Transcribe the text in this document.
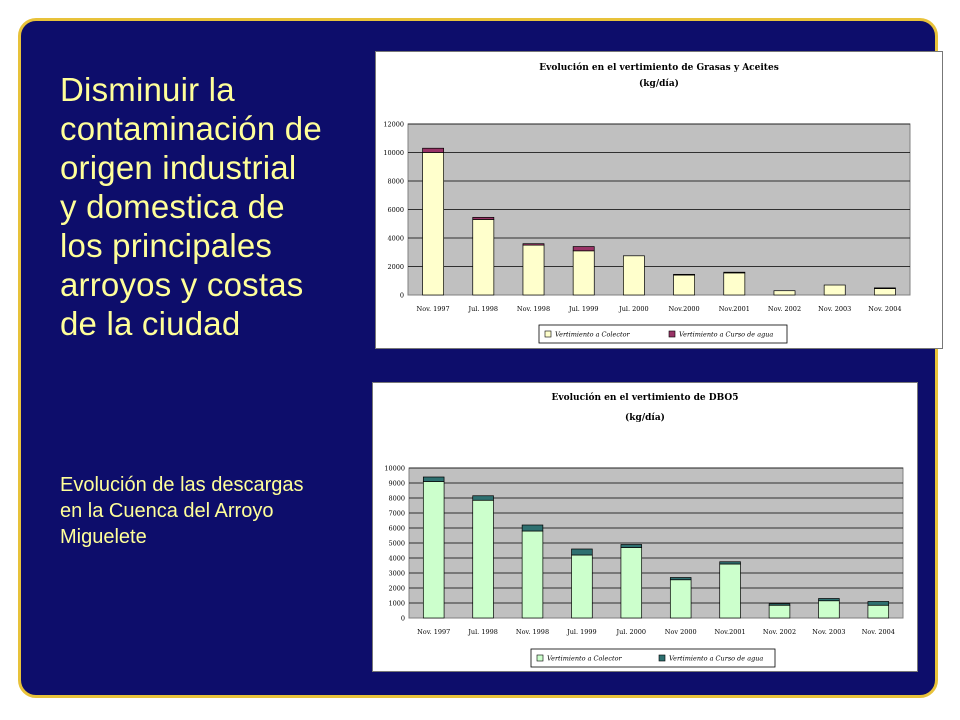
Disminuir la
contaminación de
origen industrial
y domestica de
los principales
arroyos y costas
de la ciudad
Evolución de las descargas
en la Cuenca del Arroyo
Miguelete
Evolución en el vertimiento de Grasas y Aceites
(kg/día)
0
2000
4000
6000
8000
10000
12000
Nov. 1997	Jul. 1998	Nov. 1998	Jul. 1999	Jul. 2000	Nov.2000	Nov.2001	Nov. 2002	Nov. 2003	Nov. 2004
Vertimiento a Colector	Vertimiento a Curso de agua
Evolución en el vertimiento de DBO5
(kg/día)
0
1000
2000
3000
4000
5000
6000
7000
8000
9000
10000
Nov. 1997	Jul. 1998	Nov. 1998	Jul. 1999	Jul. 2000	Nov 2000	Nov.2001	Nov. 2002 Nov. 2003 Nov. 2004
Vertimiento a Colector	Vertimiento a Curso de agua
